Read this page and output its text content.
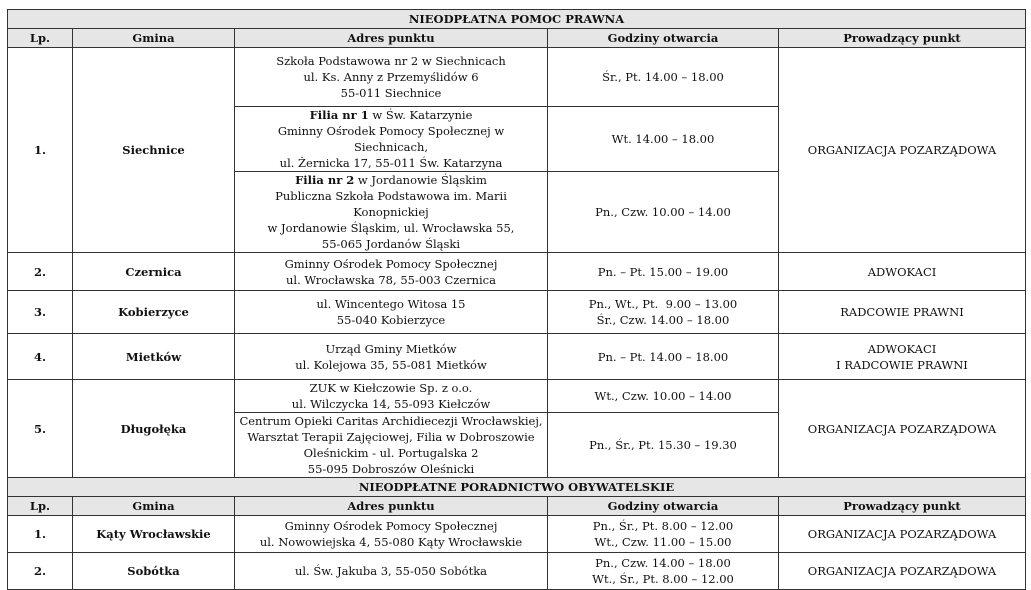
NIEODPŁATNA POMOC PRAWNA				
Lp.	Gmina	Adres punktu	Godziny otwarcia	Prowadzący punkt
1.	Siechnice	Szkoła Podstawowa nr 2 w Siechnicach
ul. Ks. Anny z Przemyślidów 6
55-011 Siechnice	Śr., Pt. 14.00 – 18.00	ORGANIZACJA POZARZĄDOWA

		Filia nr 1 w Św. Katarzynie
Gminny Ośrodek Pomocy Społecznej w Siechnicach,
ul. Żernicka 17, 55-011 Św. Katarzyna	Wt. 14.00 – 18.00	

		Filia nr 2 w Jordanowie Śląskim
Publiczna Szkoła Podstawowa im. Marii Konopnickiej
w Jordanowie Śląskim, ul. Wrocławska 55,
55-065 Jordanów Śląski	Pn., Czw. 10.00 – 14.00	
2.	Czernica	Gminny Ośrodek Pomocy Społecznej
ul. Wrocławska 78, 55-003 Czernica	Pn. – Pt. 15.00 – 19.00	ADWOKACI

3.	Kobierzyce	ul. Wincentego Witosa 15
55-040 Kobierzyce	Pn., Wt., Pt.  9.00 – 13.00
Śr., Czw. 14.00 – 18.00	RADCOWIE PRAWNI

4.	Mietków	Urząd Gminy Mietków
ul. Kolejowa 35, 55-081 Mietków	Pn. – Pt. 14.00 – 18.00	ADWOKACI
I RADCOWIE PRAWNI

5.	Długołęka	ZUK w Kiełczowie Sp. z o.o.
ul. Wilczycka 14, 55-093 Kiełczów	Wt., Czw. 10.00 – 14.00	ORGANIZACJA POZARZĄDOWA

		Centrum Opieki Caritas Archidiecezji Wrocławskiej,
Warsztat Terapii Zajęciowej, Filia w Dobroszowie
Oleśnickim - ul. Portugalska 2
55-095 Dobroszów Oleśnicki	Pn., Śr., Pt. 15.30 – 19.30	
NIEODPŁATNE PORADNICTWO OBYWATELSKIE				
Lp.	Gmina	Adres punktu	Godziny otwarcia	Prowadzący punkt
1.	Kąty Wrocławskie	Gminny Ośrodek Pomocy Społecznej
ul. Nowowiejska 4, 55-080 Kąty Wrocławskie	Pn., Śr., Pt. 8.00 – 12.00
Wt., Czw. 11.00 – 15.00	ORGANIZACJA POZARZĄDOWA

2.	Sobótka	ul. Św. Jakuba 3, 55-050 Sobótka	Pn., Czw. 14.00 – 18.00
Wt., Śr., Pt. 8.00 – 12.00	ORGANIZACJA POZARZĄDOWA
